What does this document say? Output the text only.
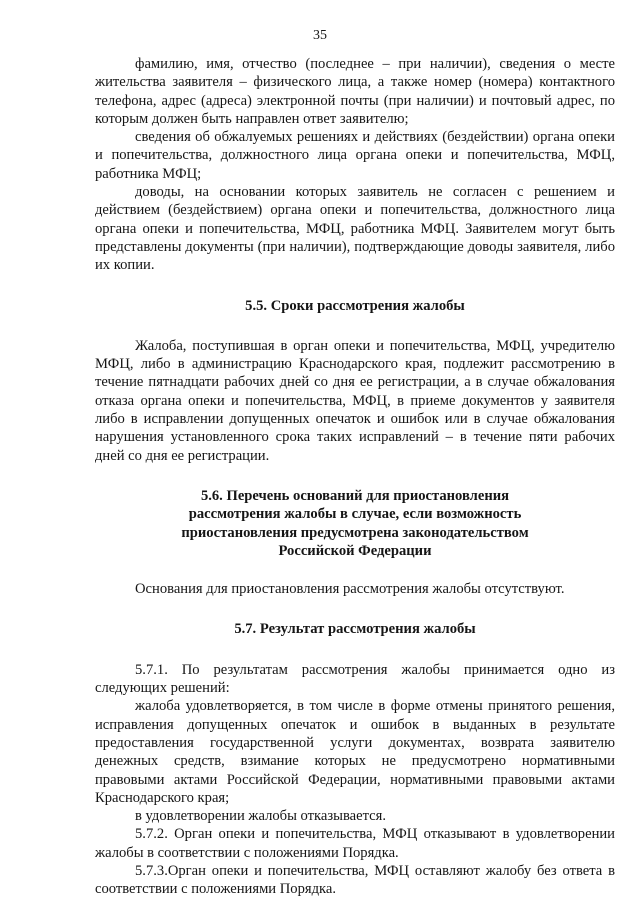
35

фамилию, имя, отчество (последнее – при наличии), сведения о месте жительства заявителя – физического лица, а также номер (номера) контактного телефона, адрес (адреса) электронной почты (при наличии) и почтовый адрес, по которым должен быть направлен ответ заявителю;

сведения об обжалуемых решениях и действиях (бездействии) органа опеки и попечительства, должностного лица органа опеки и попечительства, МФЦ, работника МФЦ;

доводы, на основании которых заявитель не согласен с решением и действием (бездействием) органа опеки и попечительства, должностного лица органа опеки и попечительства, МФЦ, работника МФЦ. Заявителем могут быть представлены документы (при наличии), подтверждающие доводы заявителя, либо их копии.

5.5. Сроки рассмотрения жалобы

Жалоба, поступившая в орган опеки и попечительства, МФЦ, учредителю МФЦ, либо в администрацию Краснодарского края, подлежит рассмотрению в течение пятнадцати рабочих дней со дня ее регистрации, а в случае обжалования отказа органа опеки и попечительства, МФЦ, в приеме документов у заявителя либо в исправлении допущенных опечаток и ошибок или в случае обжалования нарушения установленного срока таких исправлений – в течение пяти рабочих дней со дня ее регистрации.

5.6. Перечень оснований для приостановления
рассмотрения жалобы в случае, если возможность
приостановления предусмотрена законодательством
Российской Федерации

Основания для приостановления рассмотрения жалобы отсутствуют.

5.7. Результат рассмотрения жалобы

5.7.1. По результатам рассмотрения жалобы принимается одно из следующих решений:

жалоба удовлетворяется, в том числе в форме отмены принятого решения, исправления допущенных опечаток и ошибок в выданных в результате предоставления государственной услуги документах, возврата заявителю денежных средств, взимание которых не предусмотрено нормативными правовыми актами Российской Федерации, нормативными правовыми актами Краснодарского края;

в удовлетворении жалобы отказывается.

5.7.2. Орган опеки и попечительства, МФЦ отказывают в удовлетворении жалобы в соответствии с положениями Порядка.

5.7.3.Орган опеки и попечительства, МФЦ оставляют жалобу без ответа в соответствии с положениями Порядка.
